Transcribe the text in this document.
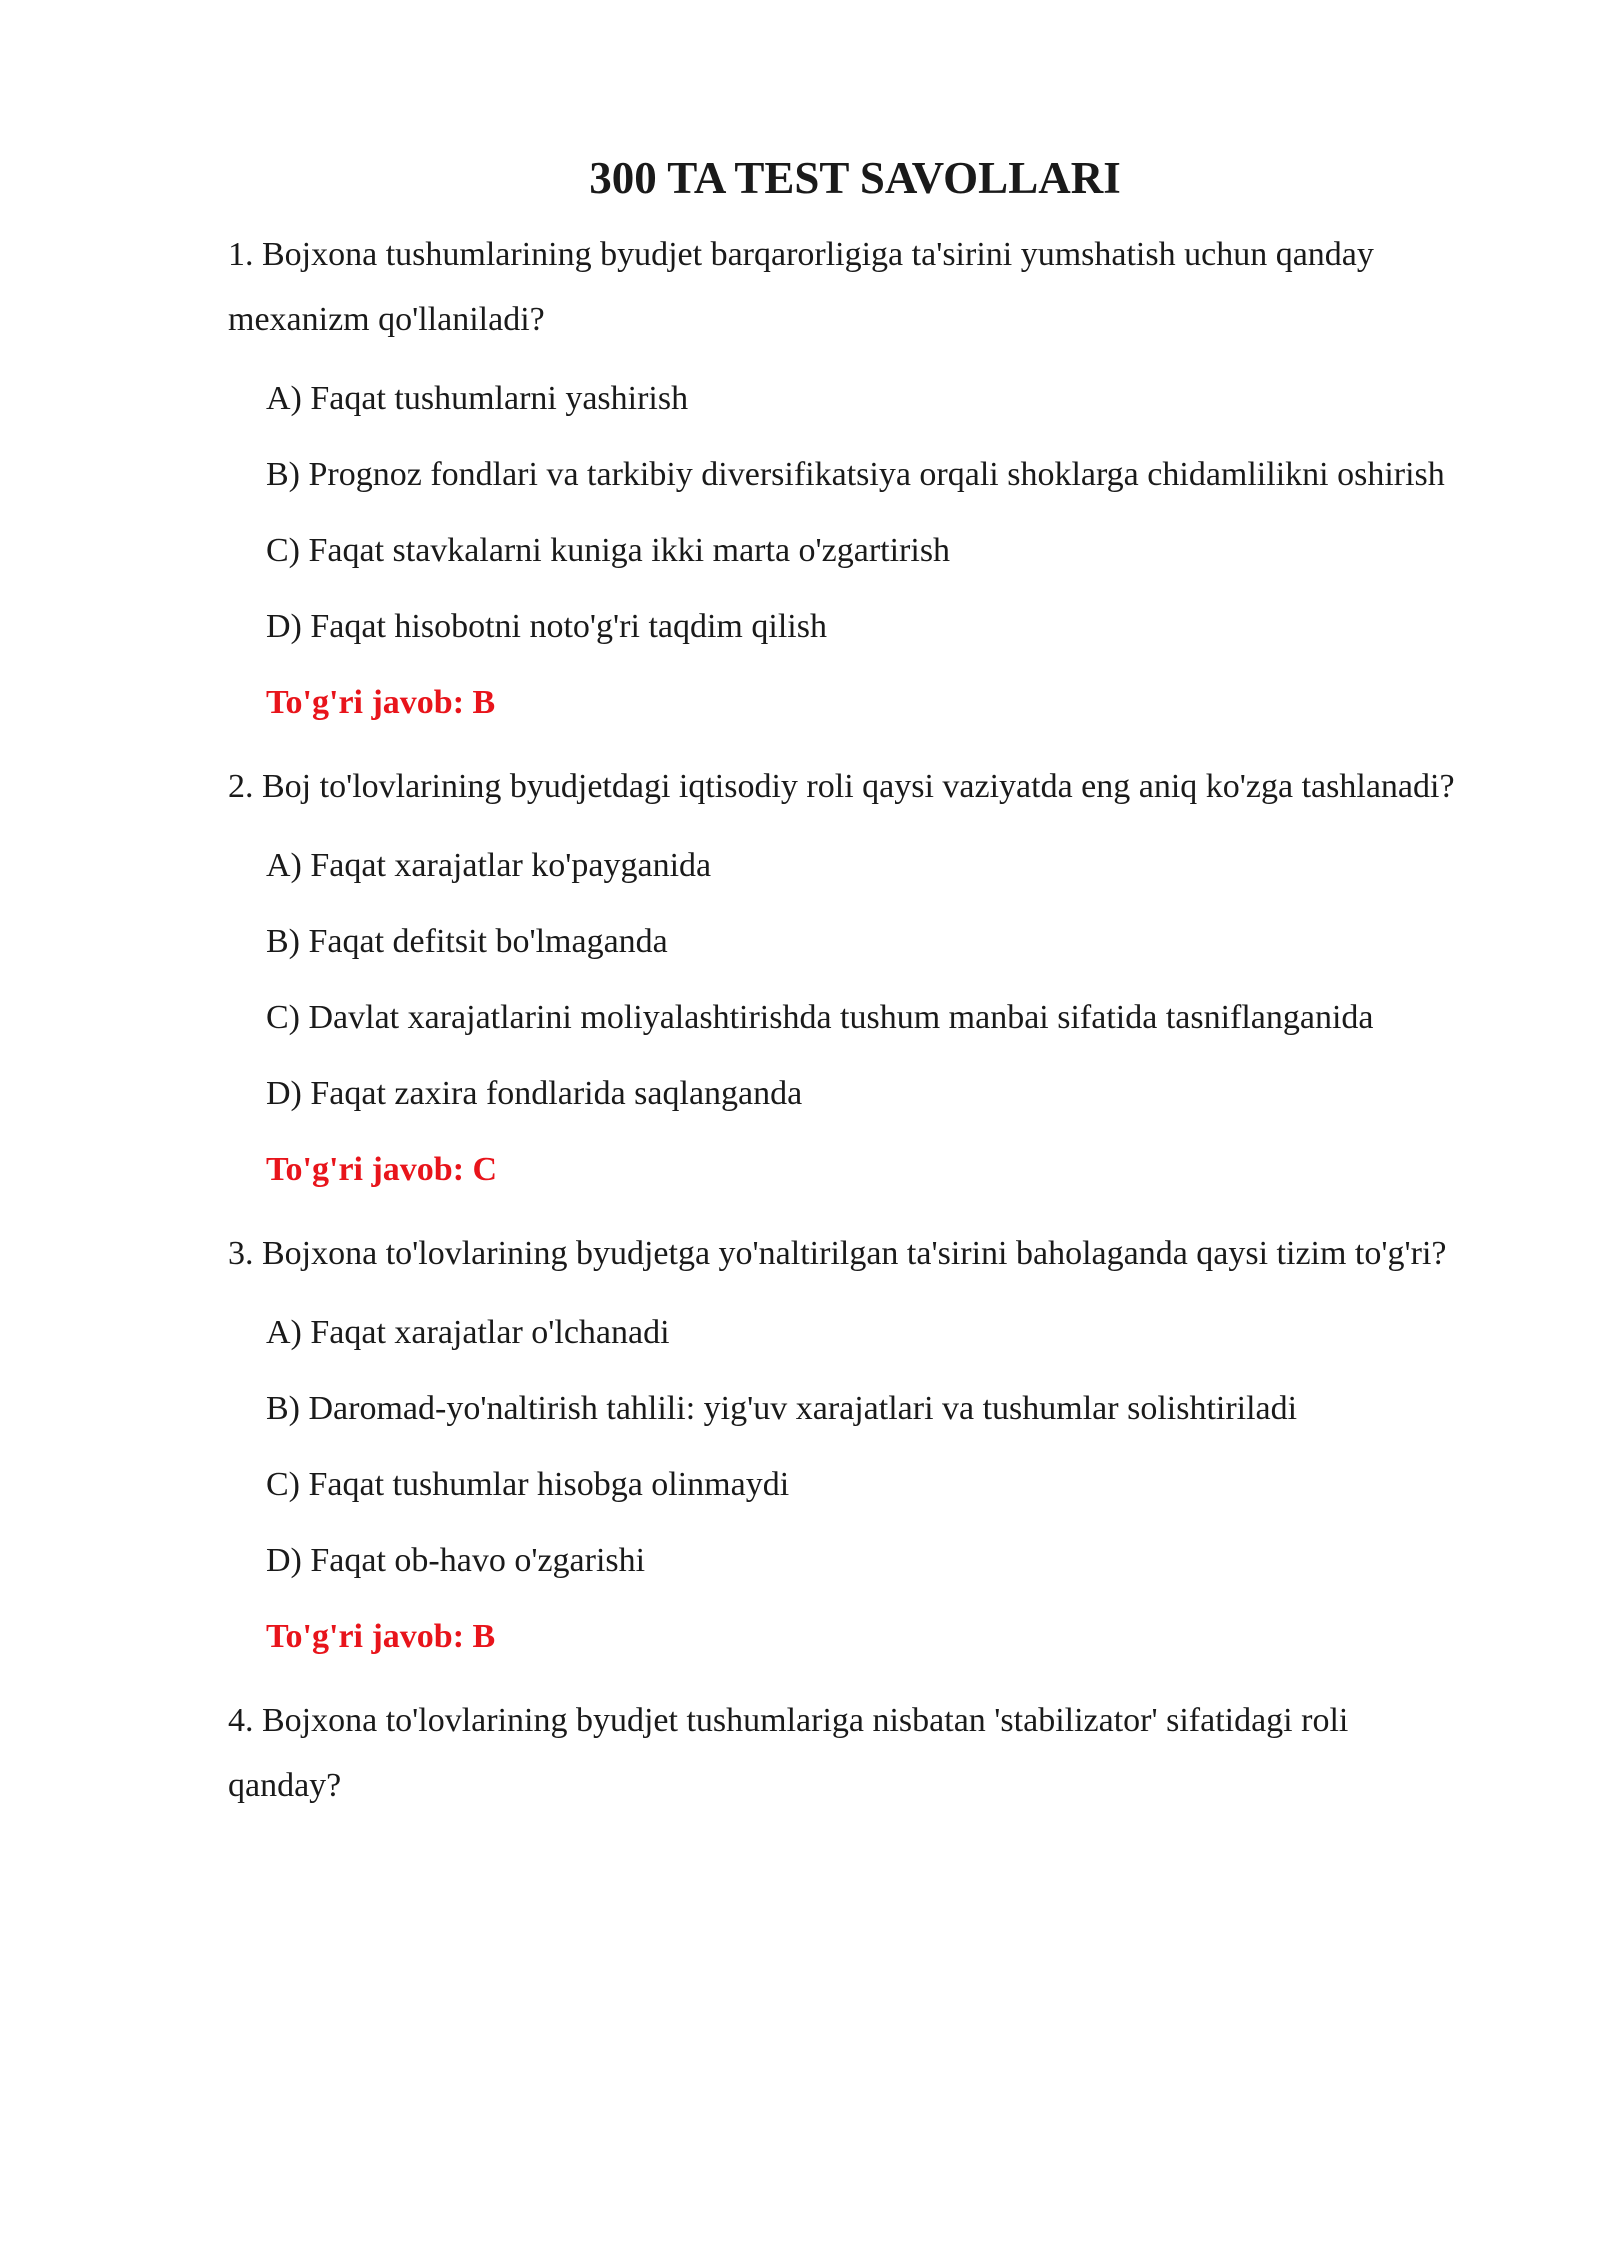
300 TA TEST SAVOLLARI

1. Bojxona tushumlarining byudjet barqarorligiga ta'sirini yumshatish uchun qanday mexanizm qo'llaniladi?

A) Faqat tushumlarni yashirish
B) Prognoz fondlari va tarkibiy diversifikatsiya orqali shoklarga chidamlilikni oshirish
C) Faqat stavkalarni kuniga ikki marta o'zgartirish
D) Faqat hisobotni noto'g'ri taqdim qilish

To'g'ri javob: B

2. Boj to'lovlarining byudjetdagi iqtisodiy roli qaysi vaziyatda eng aniq ko'zga tashlanadi?

A) Faqat xarajatlar ko'payganida
B) Faqat defitsit bo'lmaganda
C) Davlat xarajatlarini moliyalashtirishda tushum manbai sifatida tasniflanganida
D) Faqat zaxira fondlarida saqlanganda

To'g'ri javob: C

3. Bojxona to'lovlarining byudjetga yo'naltirilgan ta'sirini baholaganda qaysi tizim to'g'ri?

A) Faqat xarajatlar o'lchanadi
B) Daromad-yo'naltirish tahlili: yig'uv xarajatlari va tushumlar solishtiriladi
C) Faqat tushumlar hisobga olinmaydi
D) Faqat ob-havo o'zgarishi

To'g'ri javob: B

4. Bojxona to'lovlarining byudjet tushumlariga nisbatan 'stabilizator' sifatidagi roli qanday?
